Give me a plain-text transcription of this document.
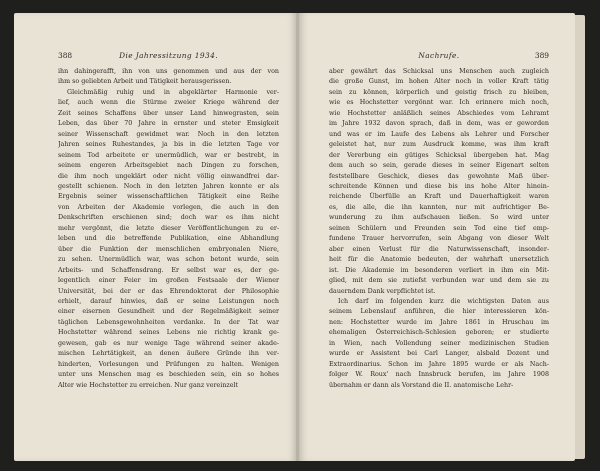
388	Die Jahressitzung 1934.

ihn dahingerafft, ihn von uns genommen und aus der von

ihm so geliebten Arbeit und Tätigkeit herausgerissen.

Gleichmäßig ruhig und in abgeklärter Harmonie ver-

lief, auch wenn die Stürme zweier Kriege während der

Zeit seines Schaffens über unser Land hinwegrasten, sein

Leben, das über 70 Jahre in ernster und steter Emsigkeit

seiner Wissenschaft gewidmet war. Noch in den letzten

Jahren seines Ruhestandes, ja bis in die letzten Tage vor

seinem Tod arbeitete er unermüdlich, war er bestrebt, in

seinem engeren Arbeitsgebiet nach Dingen zu forschen,

die ihm noch ungeklärt oder nicht völlig einwandfrei dar-

gestellt schienen. Noch in den letzten Jahren konnte er als

Ergebnis seiner wissenschaftlichen Tätigkeit eine Reihe

von Arbeiten der Akademie vorlegen, die auch in den

Denkschriften erschienen sind; doch war es ihm nicht

mehr vergönnt, die letzte dieser Veröffentlichungen zu er-

leben und die betreffende Publikation, eine Abhandlung

über die Funktion der menschlichen embryonalen Niere,

zu sehen. Unermüdlich war, was schon betont wurde, sein

Arbeits- und Schaffensdrang. Er selbst war es, der ge-

legentlich einer Feier im großen Festsaale der Wiener

Universität, bei der er das Ehrendoktorat der Philosophie

erhielt, darauf hinwies, daß er seine Leistungen noch

einer eisernen Gesundheit und der Regelmäßigkeit seiner

täglichen Lebensgewohnheiten verdanke. In der Tat war

Hochstetter während seines Lebens nie richtig krank ge-

gewesen, gab es nur wenige Tage während seiner akade-

mischen Lehrtätigkeit, an denen äußere Gründe ihn ver-

hinderten, Vorlesungen und Prüfungen zu halten. Wenigen

unter uns Menschen mag es beschieden sein, ein so hohes

Alter wie Hochstetter zu erreichen. Nur ganz vereinzelt

Nachrufe.	389

aber gewährt das Schicksal uns Menschen auch zugleich

die große Gunst, im hohen Alter noch in voller Kraft tätig

sein zu können, körperlich und geistig frisch zu bleiben,

wie es Hochstetter vergönnt war. Ich erinnere mich noch,

wie Hochstetter anläßlich seines Abschiedes vom Lehramt

im Jahre 1932 davon sprach, daß in dem, was er geworden

und was er im Laufe des Lebens als Lehrer und Forscher

geleistet hat, nur zum Ausdruck komme, was ihm kraft

der Vererbung ein gütiges Schicksal übergeben hat. Mag

dem auch so sein, gerade dieses in seiner Eigenart selten

feststellbare Geschick, dieses das gewohnte Maß über-

schreitende Können und diese bis ins hohe Alter hinein-

reichende Überfülle an Kraft und Dauerhaftigkeit waren

es, die alle, die ihn kannten, nur mit aufrichtiger Be-

wunderung zu ihm aufschauen ließen. So wird unter

seinen Schülern und Freunden sein Tod eine tief emp-

fundene Trauer hervorrufen, sein Abgang von dieser Welt

aber einen Verlust für die Naturwissenschaft, insonder-

heit für die Anatomie bedeuten, der wahrhaft unersetzlich

ist. Die Akademie im besonderen verliert in ihm ein Mit-

glied, mit dem sie zutiefst verbunden war und dem sie zu

dauerndem Dank verpflichtet ist.

Ich darf im folgenden kurz die wichtigsten Daten aus

seinem Lebenslauf anführen, die hier interessieren kön-

nen: Hochstetter wurde im Jahre 1861 in Hruschau im

ehemaligen Österreichisch-Schlesien geboren; er studierte

in Wien, nach Vollendung seiner medizinischen Studien

wurde er Assistent bei Carl Langer, alsbald Dozent und

Extraordinarius. Schon im Jahre 1895 wurde er als Nach-

folger W. Roux' nach Innsbruck berufen, im Jahre 1908

übernahm er dann als Vorstand die II. anatomische Lehr-
